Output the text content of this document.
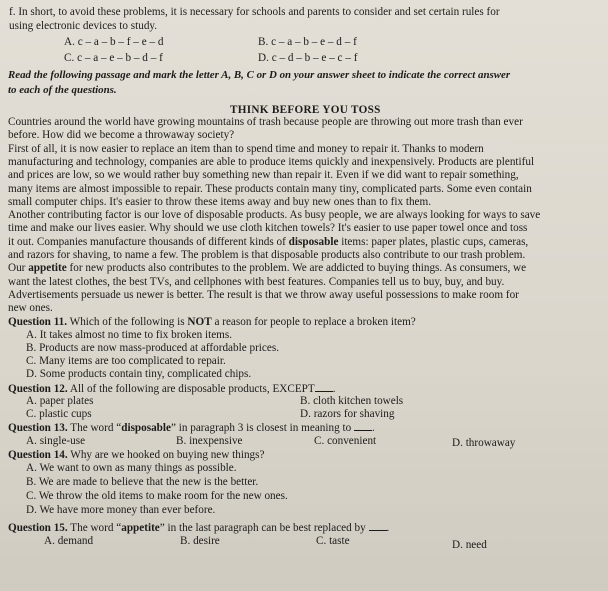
f. In short, to avoid these problems, it is necessary for schools and parents to consider and set certain rules for
using electronic devices to study.
A. c – a – b – f – e – d	B. c – a – b – e – d – f
C. c – a – e – b – d – f	D. c – d – b – e – c – f
Read the following passage and mark the letter A, B, C or D on your answer sheet to indicate the correct answer
to each of the questions.
THINK BEFORE YOU TOSS
Countries around the world have growing mountains of trash because people are throwing out more trash than ever
before. How did we become a throwaway society?
First of all, it is now easier to replace an item than to spend time and money to repair it. Thanks to modern
manufacturing and technology, companies are able to produce items quickly and inexpensively. Products are plentiful
and prices are low, so we would rather buy something new than repair it. Even if we did want to repair something,
many items are almost impossible to repair. These products contain many tiny, complicated parts. Some even contain
small computer chips. It's easier to throw these items away and buy new ones than to fix them.
Another contributing factor is our love of disposable products. As busy people, we are always looking for ways to save
time and make our lives easier. Why should we use cloth kitchen towels? It's easier to use paper towel once and toss
it out. Companies manufacture thousands of different kinds of disposable items: paper plates, plastic cups, cameras,
and razors for shaving, to name a few. The problem is that disposable products also contribute to our trash problem.
Our appetite for new products also contributes to the problem. We are addicted to buying things. As consumers, we
want the latest clothes, the best TVs, and cellphones with best features. Companies tell us to buy, buy, and buy.
Advertisements persuade us newer is better. The result is that we throw away useful possessions to make room for
new ones.
Question 11. Which of the following is NOT a reason for people to replace a broken item?
A. It takes almost no time to fix broken items.
B. Products are now mass-produced at affordable prices.
C. Many items are too complicated to repair.
D. Some products contain tiny, complicated chips.
Question 12. All of the following are disposable products, EXCEPT .
A. paper plates	B. cloth kitchen towels
C. plastic cups	D. razors for shaving
Question 13. The word “disposable” in paragraph 3 is closest in meaning to .
A. single-use	B. inexpensive	C. convenient	D. throwaway
Question 14. Why are we hooked on buying new things?
A. We want to own as many things as possible.
B. We are made to believe that the new is the better.
C. We throw the old items to make room for the new ones.
D. We have more money than ever before.
Question 15. The word “appetite” in the last paragraph can be best replaced by .
A. demand	B. desire	C. taste	D. need
